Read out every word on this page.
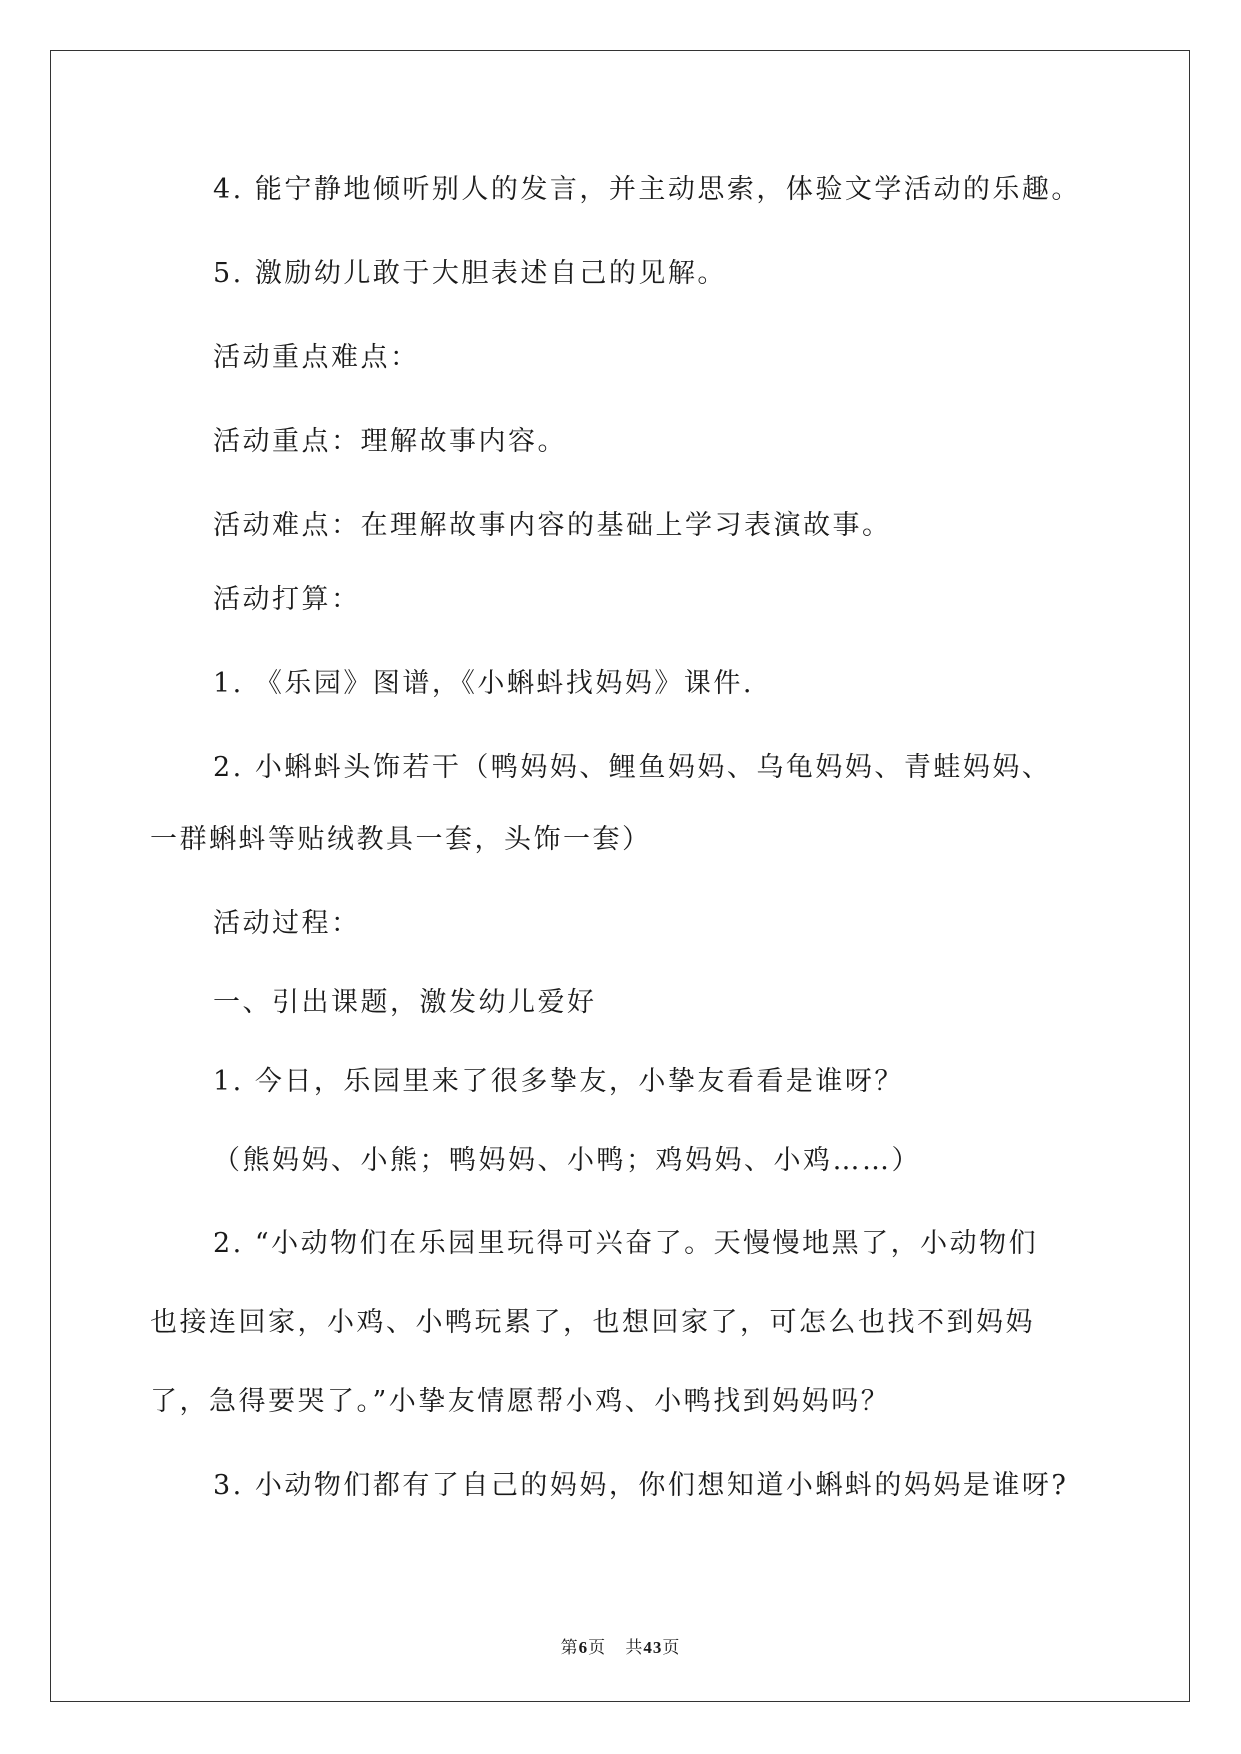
4. 能宁静地倾听别人的发言，并主动思索，体验文学活动的乐趣。
5. 激励幼儿敢于大胆表述自己的见解。
活动重点难点：
活动重点：理解故事内容。
活动难点：在理解故事内容的基础上学习表演故事。
活动打算：
1. 《乐园》图谱，《小蝌蚪找妈妈》课件.
2. 小蝌蚪头饰若干（鸭妈妈、鲤鱼妈妈、乌龟妈妈、青蛙妈妈、
一群蝌蚪等贴绒教具一套，头饰一套）
活动过程：
一、引出课题，激发幼儿爱好
1. 今日，乐园里来了很多挚友，小挚友看看是谁呀？
（熊妈妈、小熊；鸭妈妈、小鸭；鸡妈妈、小鸡……）
2. “小动物们在乐园里玩得可兴奋了。天慢慢地黑了，小动物们
也接连回家，小鸡、小鸭玩累了，也想回家了，可怎么也找不到妈妈
了，急得要哭了。”小挚友情愿帮小鸡、小鸭找到妈妈吗？
3. 小动物们都有了自己的妈妈，你们想知道小蝌蚪的妈妈是谁呀?
第6页 共43页
